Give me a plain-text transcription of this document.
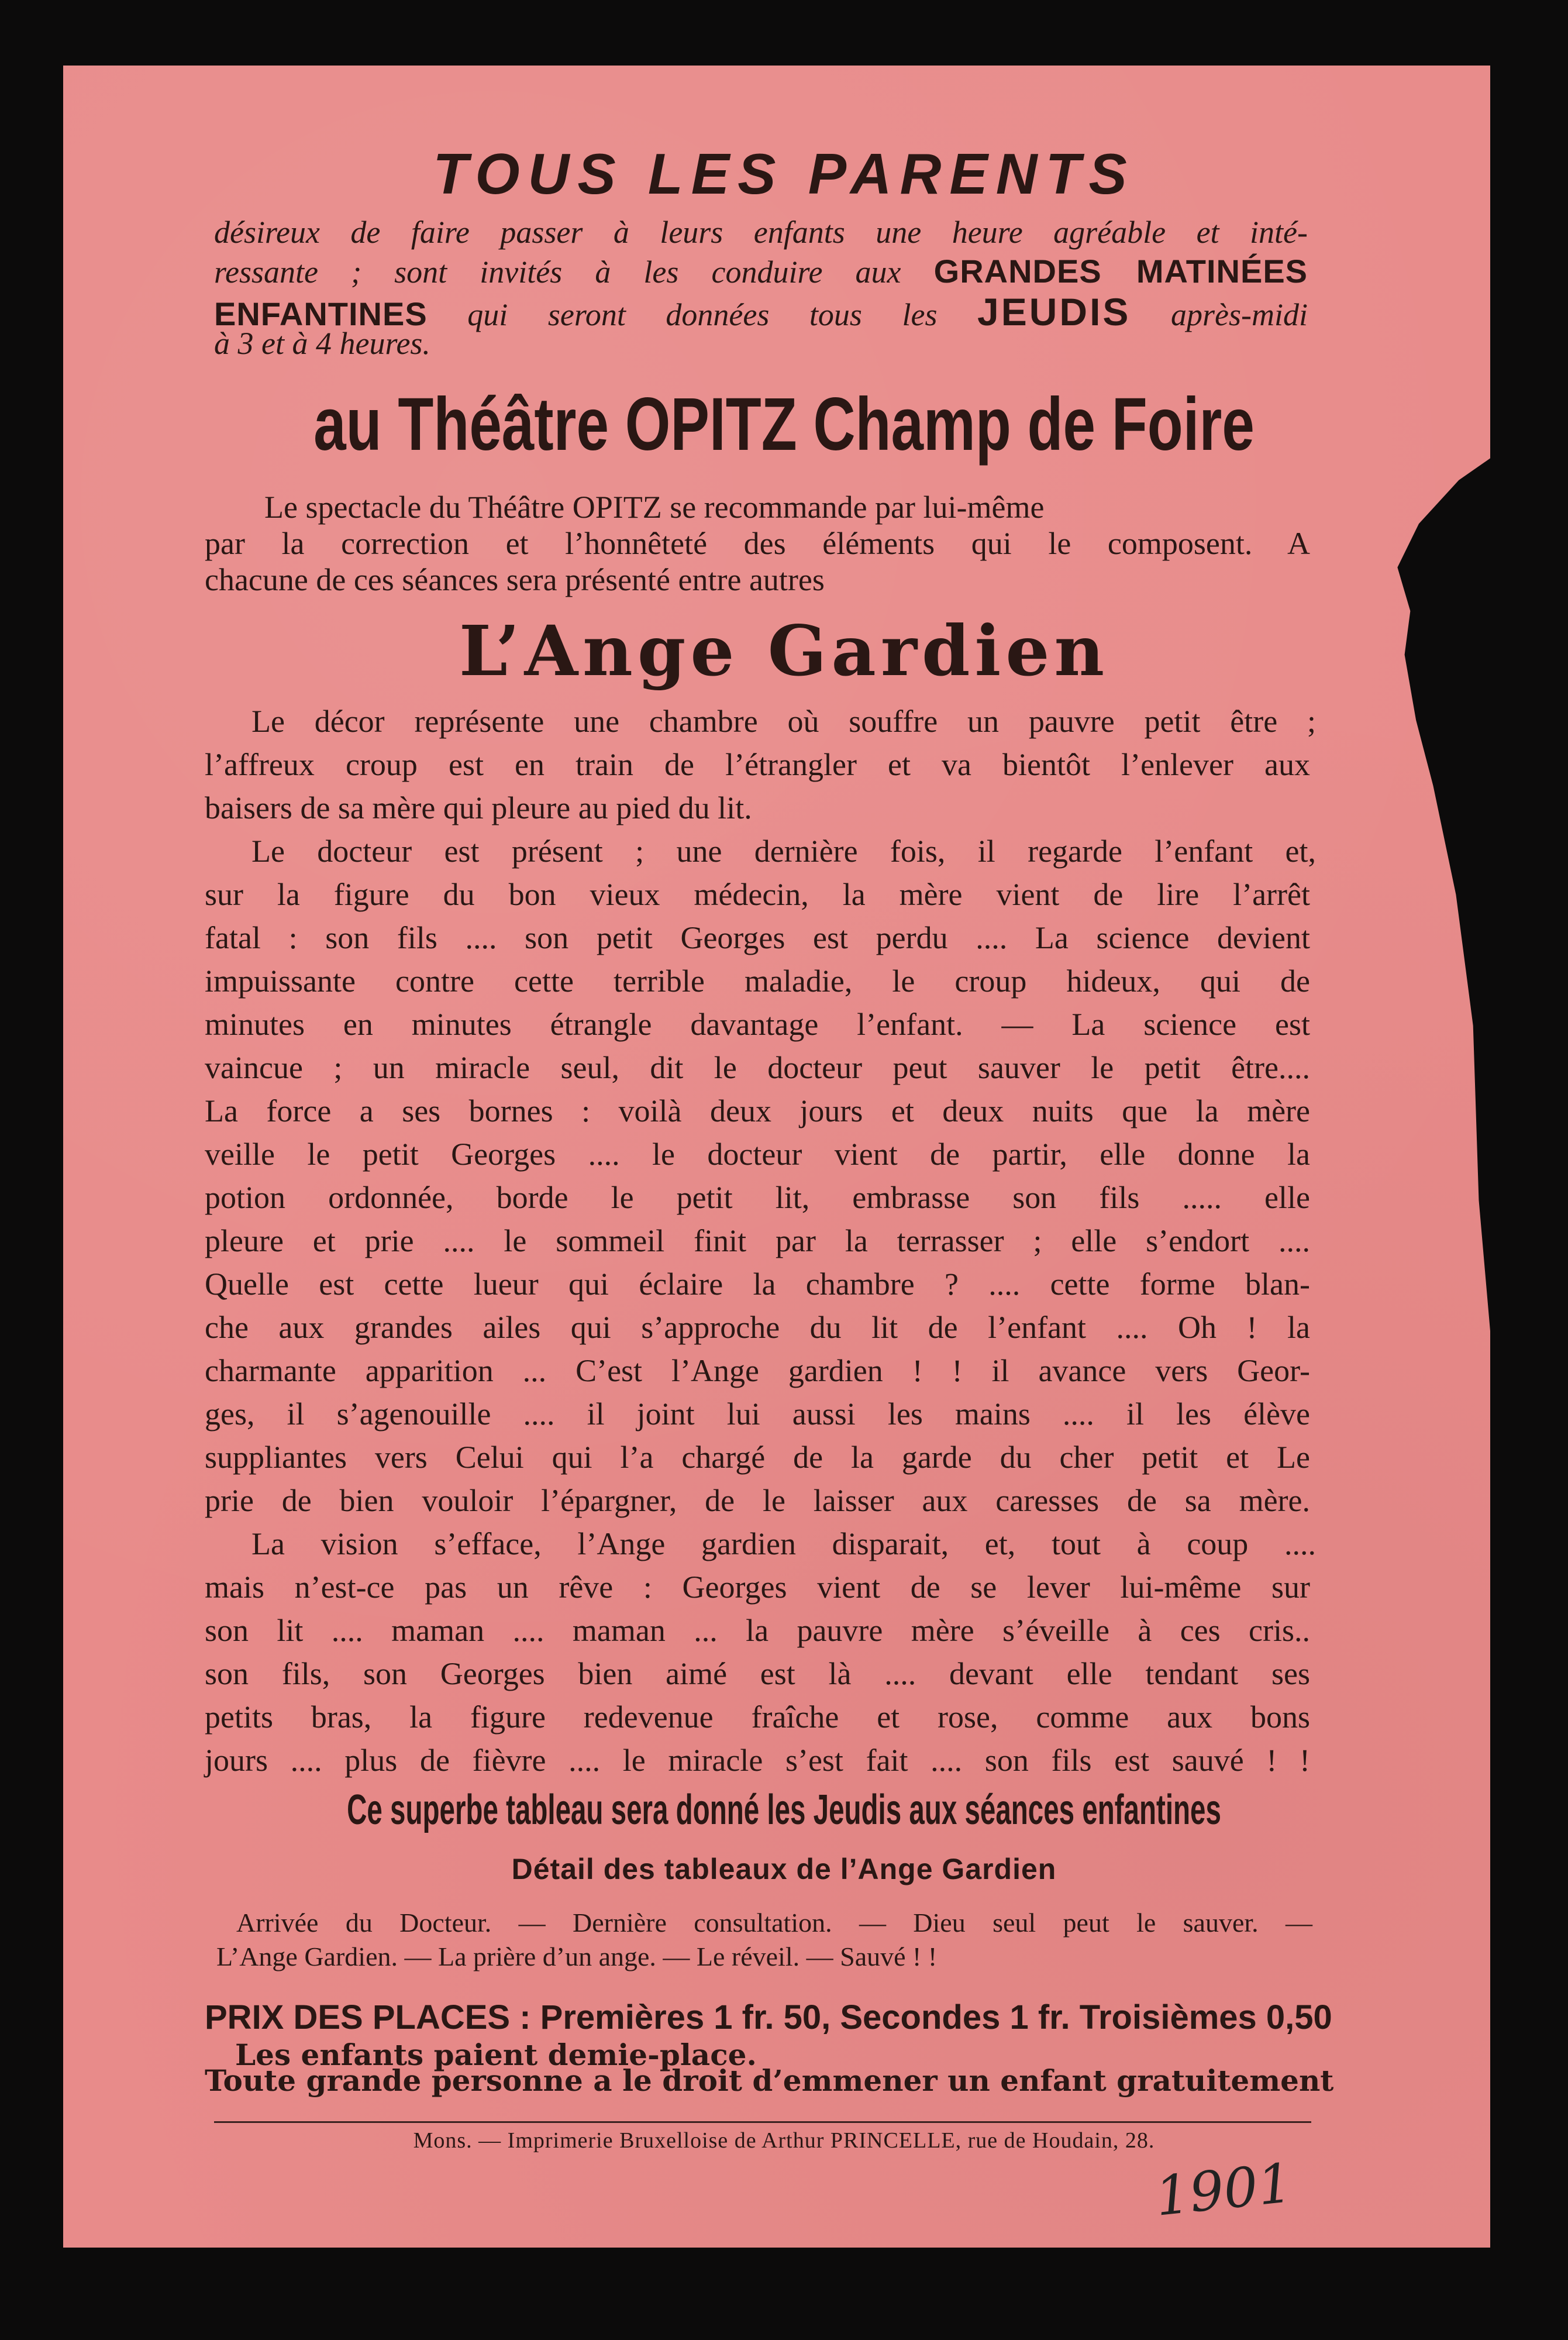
TOUS LES PARENTS
désireux de faire passer à leurs enfants une heure agréable et inté-
ressante ; sont invités à les conduire aux GRANDES MATINÉES
ENFANTINES qui seront données tous les JEUDIS après-midi
à 3 et à 4 heures.
au Théâtre OPITZ Champ de Foire
Le spectacle du Théâtre OPITZ se recommande par lui-même
par la correction et l’honnêteté des éléments qui le composent. A
chacune de ces séances sera présenté entre autres
L’Ange Gardien
Le décor représente une chambre où souffre un pauvre petit être ;
l’affreux croup est en train de l’étrangler et va bientôt l’enlever aux
baisers de sa mère qui pleure au pied du lit.
Le docteur est présent ; une dernière fois, il regarde l’enfant et,
sur la figure du bon vieux médecin, la mère vient de lire l’arrêt
fatal : son fils .... son petit Georges est perdu .... La science devient
impuissante contre cette terrible maladie, le croup hideux, qui de
minutes en minutes étrangle davantage l’enfant. — La science est
vaincue ; un miracle seul, dit le docteur peut sauver le petit être....
La force a ses bornes : voilà deux jours et deux nuits que la mère
veille le petit Georges .... le docteur vient de partir, elle donne la
potion ordonnée, borde le petit lit, embrasse son fils ..... elle
pleure et prie .... le sommeil finit par la terrasser ; elle s’endort ....
Quelle est cette lueur qui éclaire la chambre ? .... cette forme blan-
che aux grandes ailes qui s’approche du lit de l’enfant .... Oh ! la
charmante apparition ... C’est l’Ange gardien ! ! il avance vers Geor-
ges, il s’agenouille .... il joint lui aussi les mains .... il les élève
suppliantes vers Celui qui l’a chargé de la garde du cher petit et Le
prie de bien vouloir l’épargner, de le laisser aux caresses de sa mère.
La vision s’efface, l’Ange gardien disparait, et, tout à coup ....
mais n’est-ce pas un rêve : Georges vient de se lever lui-même sur
son lit .... maman .... maman ... la pauvre mère s’éveille à ces cris..
son fils, son Georges bien aimé est là .... devant elle tendant ses
petits bras, la figure redevenue fraîche et rose, comme aux bons
jours .... plus de fièvre .... le miracle s’est fait .... son fils est sauvé ! !
Ce superbe tableau sera donné les Jeudis aux séances enfantines
Détail des tableaux de l’Ange Gardien
Arrivée du Docteur. — Dernière consultation. — Dieu seul peut le sauver. —
L’Ange Gardien. — La prière d’un ange. — Le réveil. — Sauvé ! !
PRIX DES PLACES : Premières 1 fr. 50, Secondes 1 fr. Troisièmes 0,50
Les enfants paient demie-place.
Toute grande personne a le droit d’emmener un enfant gratuitement
Mons. — Imprimerie Bruxelloise de Arthur PRINCELLE, rue de Houdain, 28.
1901
